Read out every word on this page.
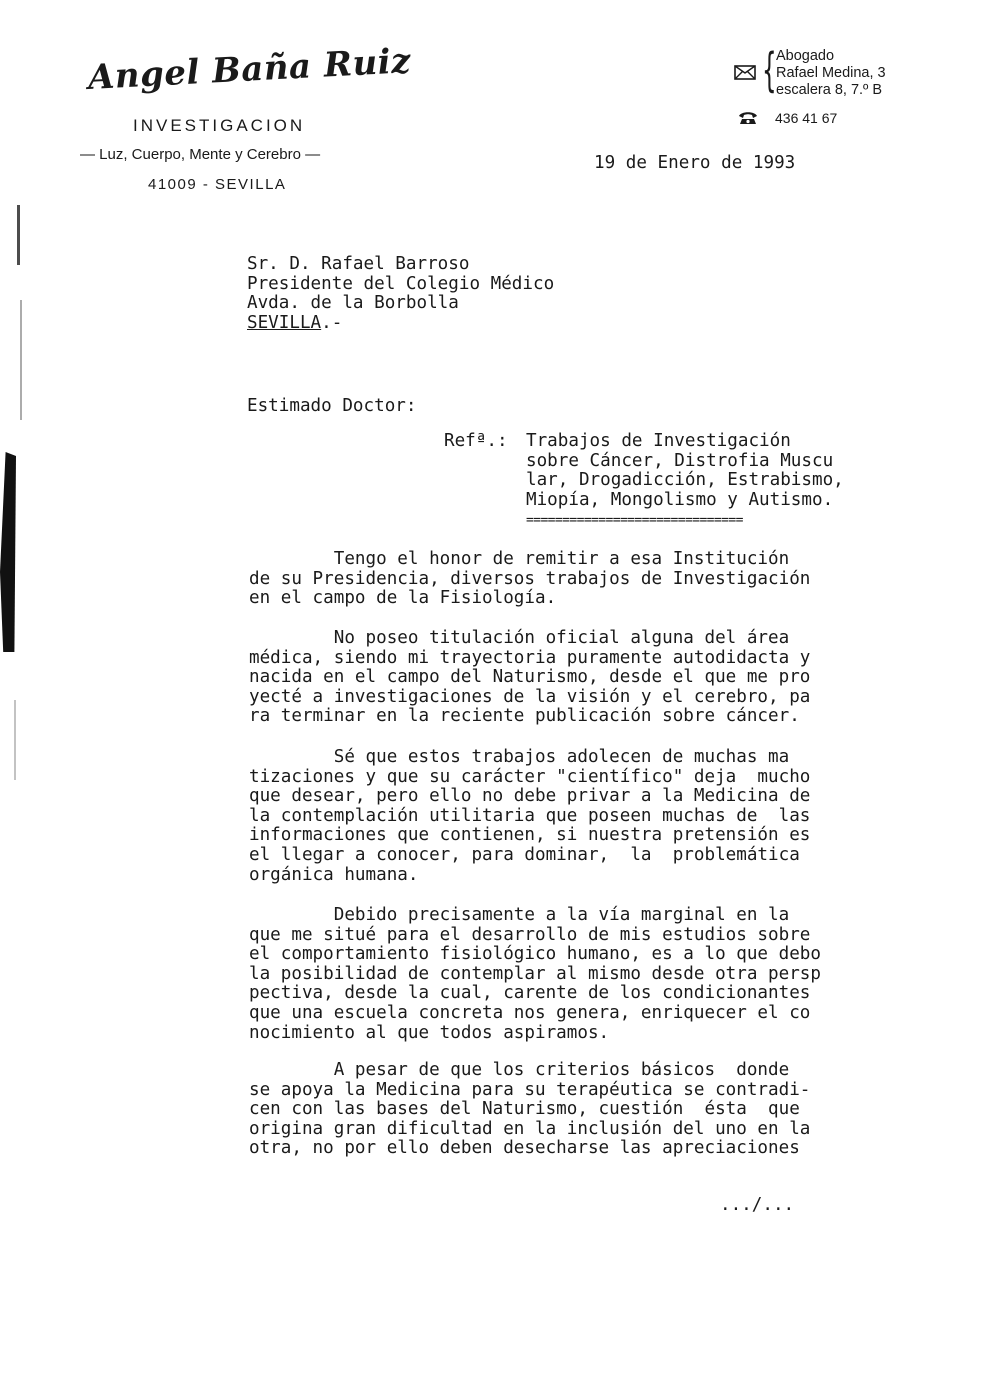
Angel Baña Ruiz
INVESTIGACION
— Luz, Cuerpo, Mente y Cerebro —
41009 - SEVILLA
{ Abogado
Rafael Medina, 3
escalera 8, 7.º B
436 41 67
19 de Enero de 1993
Sr. D. Rafael Barroso
Presidente del Colegio Médico
Avda. de la Borbolla
SEVILLA.-
Estimado Doctor:
Refª.: Trabajos de Investigación
sobre Cáncer, Distrofia Muscu
lar, Drogadicción, Estrabismo,
Miopía, Mongolismo y Autismo.
==============================
Tengo el honor de remitir a esa Institución
de su Presidencia, diversos trabajos de Investigación
en el campo de la Fisiología.
No poseo titulación oficial alguna del área
médica, siendo mi trayectoria puramente autodidacta y
nacida en el campo del Naturismo, desde el que me pro
yecté a investigaciones de la visión y el cerebro, pa
ra terminar en la reciente publicación sobre cáncer.
Sé que estos trabajos adolecen de muchas ma
tizaciones y que su carácter "científico" deja  mucho
que desear, pero ello no debe privar a la Medicina de
la contemplación utilitaria que poseen muchas de  las
informaciones que contienen, si nuestra pretensión es
el llegar a conocer, para dominar,  la  problemática
orgánica humana.
Debido precisamente a la vía marginal en la
que me situé para el desarrollo de mis estudios sobre
el comportamiento fisiológico humano, es a lo que debo
la posibilidad de contemplar al mismo desde otra persp
pectiva, desde la cual, carente de los condicionantes
que una escuela concreta nos genera, enriquecer el co
nocimiento al que todos aspiramos.
A pesar de que los criterios básicos  donde
se apoya la Medicina para su terapéutica se contradi-
cen con las bases del Naturismo, cuestión  ésta  que
origina gran dificultad en la inclusión del uno en la
otra, no por ello deben desecharse las apreciaciones
.../...
